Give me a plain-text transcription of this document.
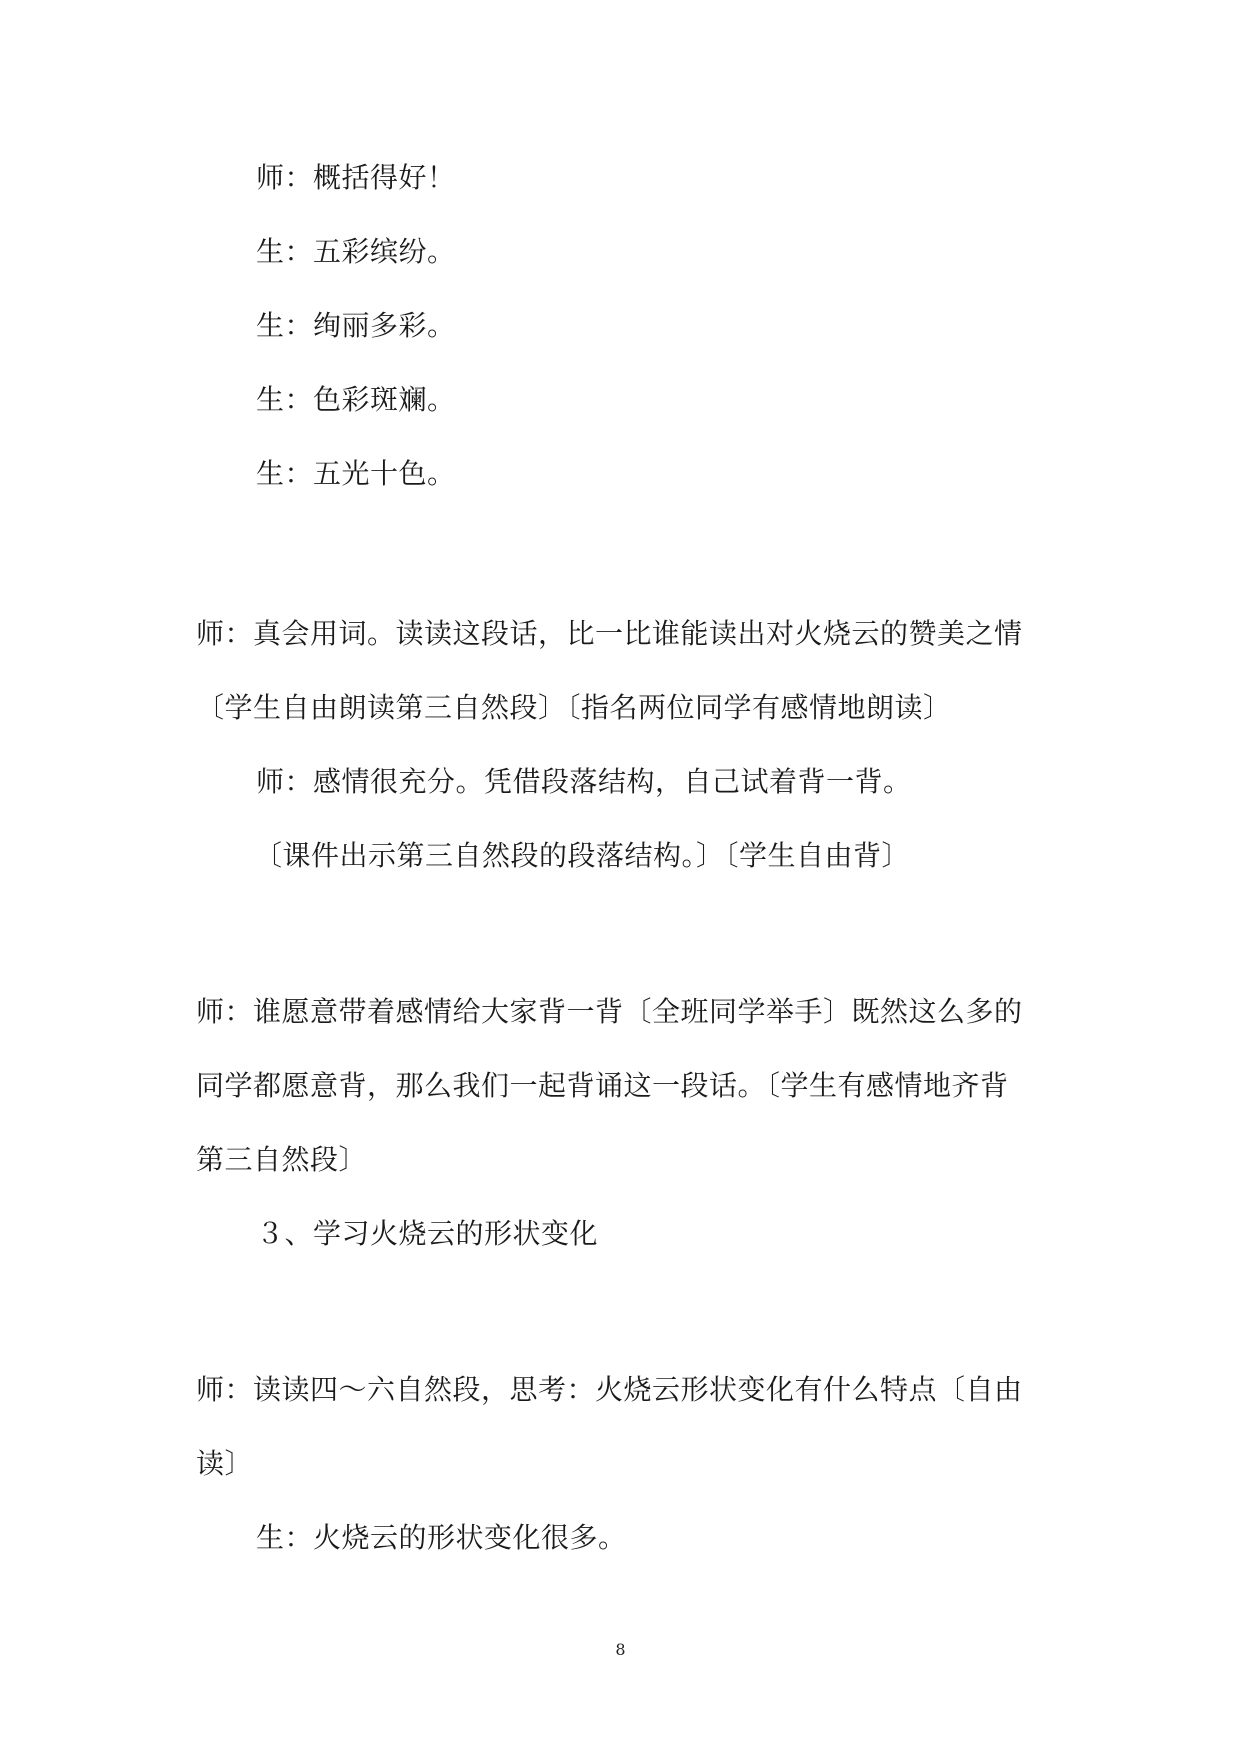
师：概括得好！
生：五彩缤纷。
生：绚丽多彩。
生：色彩斑斓。
生：五光十色。
师：真会用词。读读这段话，比一比谁能读出对火烧云的赞美之情
〔学生自由朗读第三自然段〕〔指名两位同学有感情地朗读〕
师：感情很充分。凭借段落结构，自己试着背一背。
〔课件出示第三自然段的段落结构。〕〔学生自由背〕
师：谁愿意带着感情给大家背一背〔全班同学举手〕既然这么多的
同学都愿意背，那么我们一起背诵这一段话。〔学生有感情地齐背
第三自然段〕
３、学习火烧云的形状变化
师：读读四～六自然段，思考：火烧云形状变化有什么特点〔自由
读〕
生：火烧云的形状变化很多。
8
